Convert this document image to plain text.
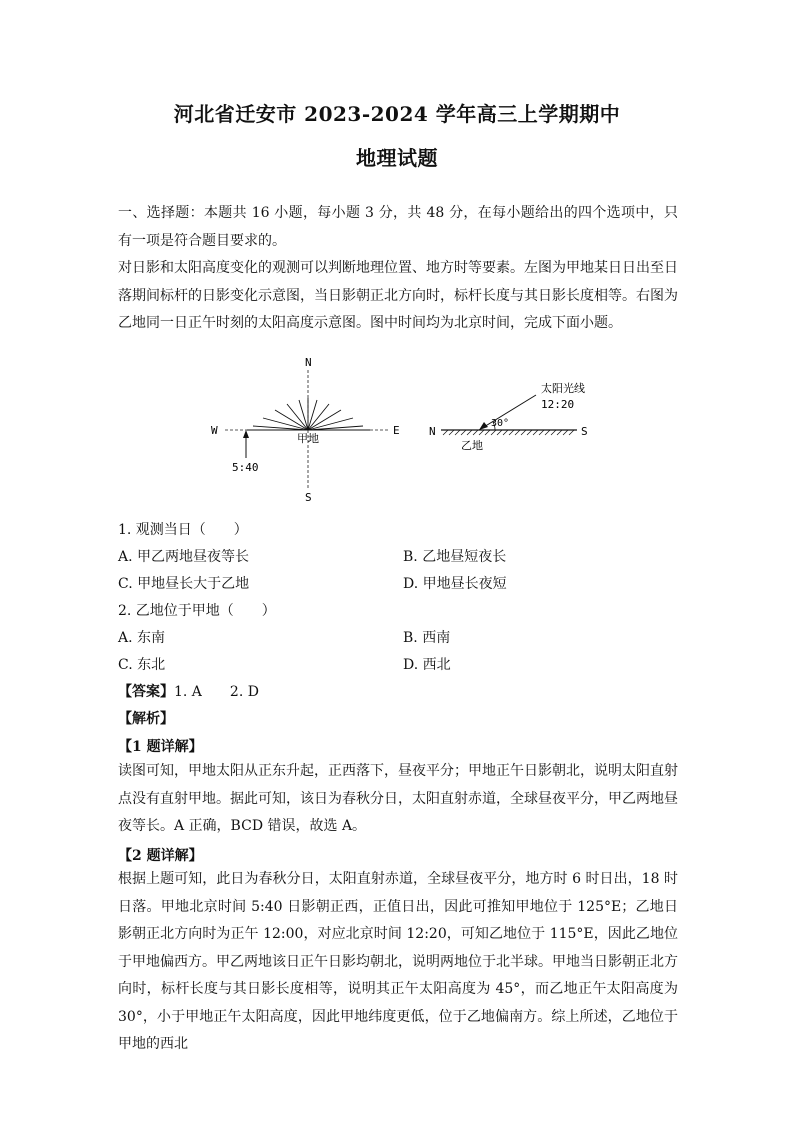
河北省迁安市 2023-2024 学年高三上学期期中
地理试题
一、选择题：本题共 16 小题，每小题 3 分，共 48 分，在每小题给出的四个选项中，只有一项是符合题目要求的。
对日影和太阳高度变化的观测可以判断地理位置、地方时等要素。左图为甲地某日日出至日落期间标杆的日影变化示意图，当日影朝正北方向时，标杆长度与其日影长度相等。右图为乙地同一日正午时刻的太阳高度示意图。图中时间均为北京时间，完成下面小题。
N
S
W	E
甲地
5:40
N	S
乙地
太阳光线
12:20
30°
1. 观测当日（　　）
A. 甲乙两地昼夜等长	B. 乙地昼短夜长
C. 甲地昼长大于乙地	D. 甲地昼长夜短
2. 乙地位于甲地（　　）
A. 东南	B. 西南
C. 东北	D. 西北
【答案】1. A　　2. D
【解析】
【1 题详解】
读图可知，甲地太阳从正东升起，正西落下，昼夜平分；甲地正午日影朝北，说明太阳直射点没有直射甲地。据此可知，该日为春秋分日，太阳直射赤道，全球昼夜平分，甲乙两地昼夜等长。A 正确，BCD 错误，故选 A。
【2 题详解】
根据上题可知，此日为春秋分日，太阳直射赤道，全球昼夜平分，地方时 6 时日出，18 时日落。甲地北京时间 5:40 日影朝正西，正值日出，因此可推知甲地位于 125°E；乙地日影朝正北方向时为正午 12:00，对应北京时间 12:20，可知乙地位于 115°E，因此乙地位于甲地偏西方。甲乙两地该日正午日影均朝北，说明两地位于北半球。甲地当日影朝正北方向时，标杆长度与其日影长度相等，说明其正午太阳高度为 45°，而乙地正午太阳高度为 30°，小于甲地正午太阳高度，因此甲地纬度更低，位于乙地偏南方。综上所述，乙地位于甲地的西北
